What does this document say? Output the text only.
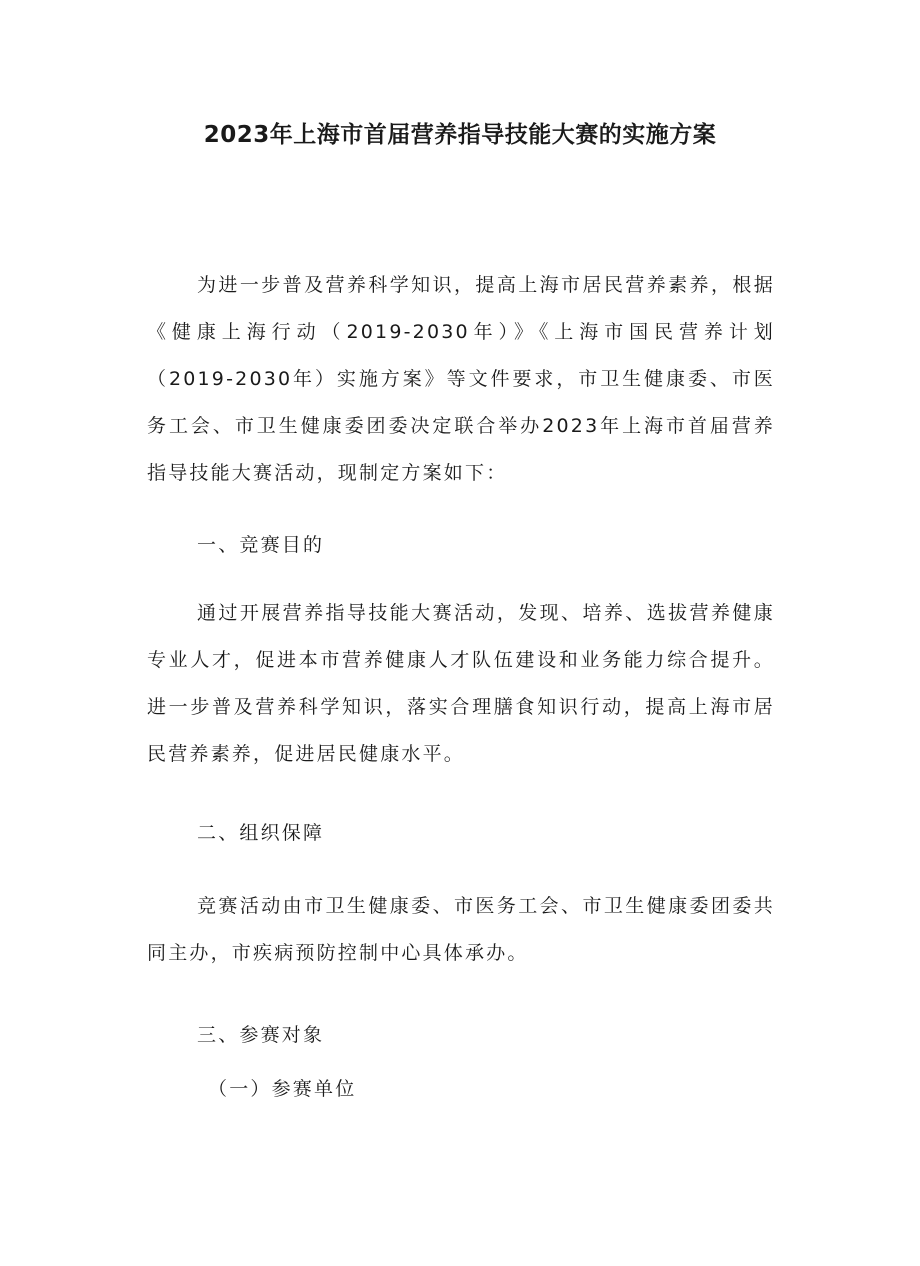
2023年上海市首届营养指导技能大赛的实施方案
为进一步普及营养科学知识，提高上海市居民营养素养，根据《健康上海行动（2019-2030年）》《上海市国民营养计划（2019-2030年）实施方案》等文件要求，市卫生健康委、市医务工会、市卫生健康委团委决定联合举办2023年上海市首届营养指导技能大赛活动，现制定方案如下：
一、竞赛目的
通过开展营养指导技能大赛活动，发现、培养、选拔营养健康专业人才，促进本市营养健康人才队伍建设和业务能力综合提升。进一步普及营养科学知识，落实合理膳食知识行动，提高上海市居民营养素养，促进居民健康水平。
二、组织保障
竞赛活动由市卫生健康委、市医务工会、市卫生健康委团委共同主办，市疾病预防控制中心具体承办。
三、参赛对象
（一）参赛单位
